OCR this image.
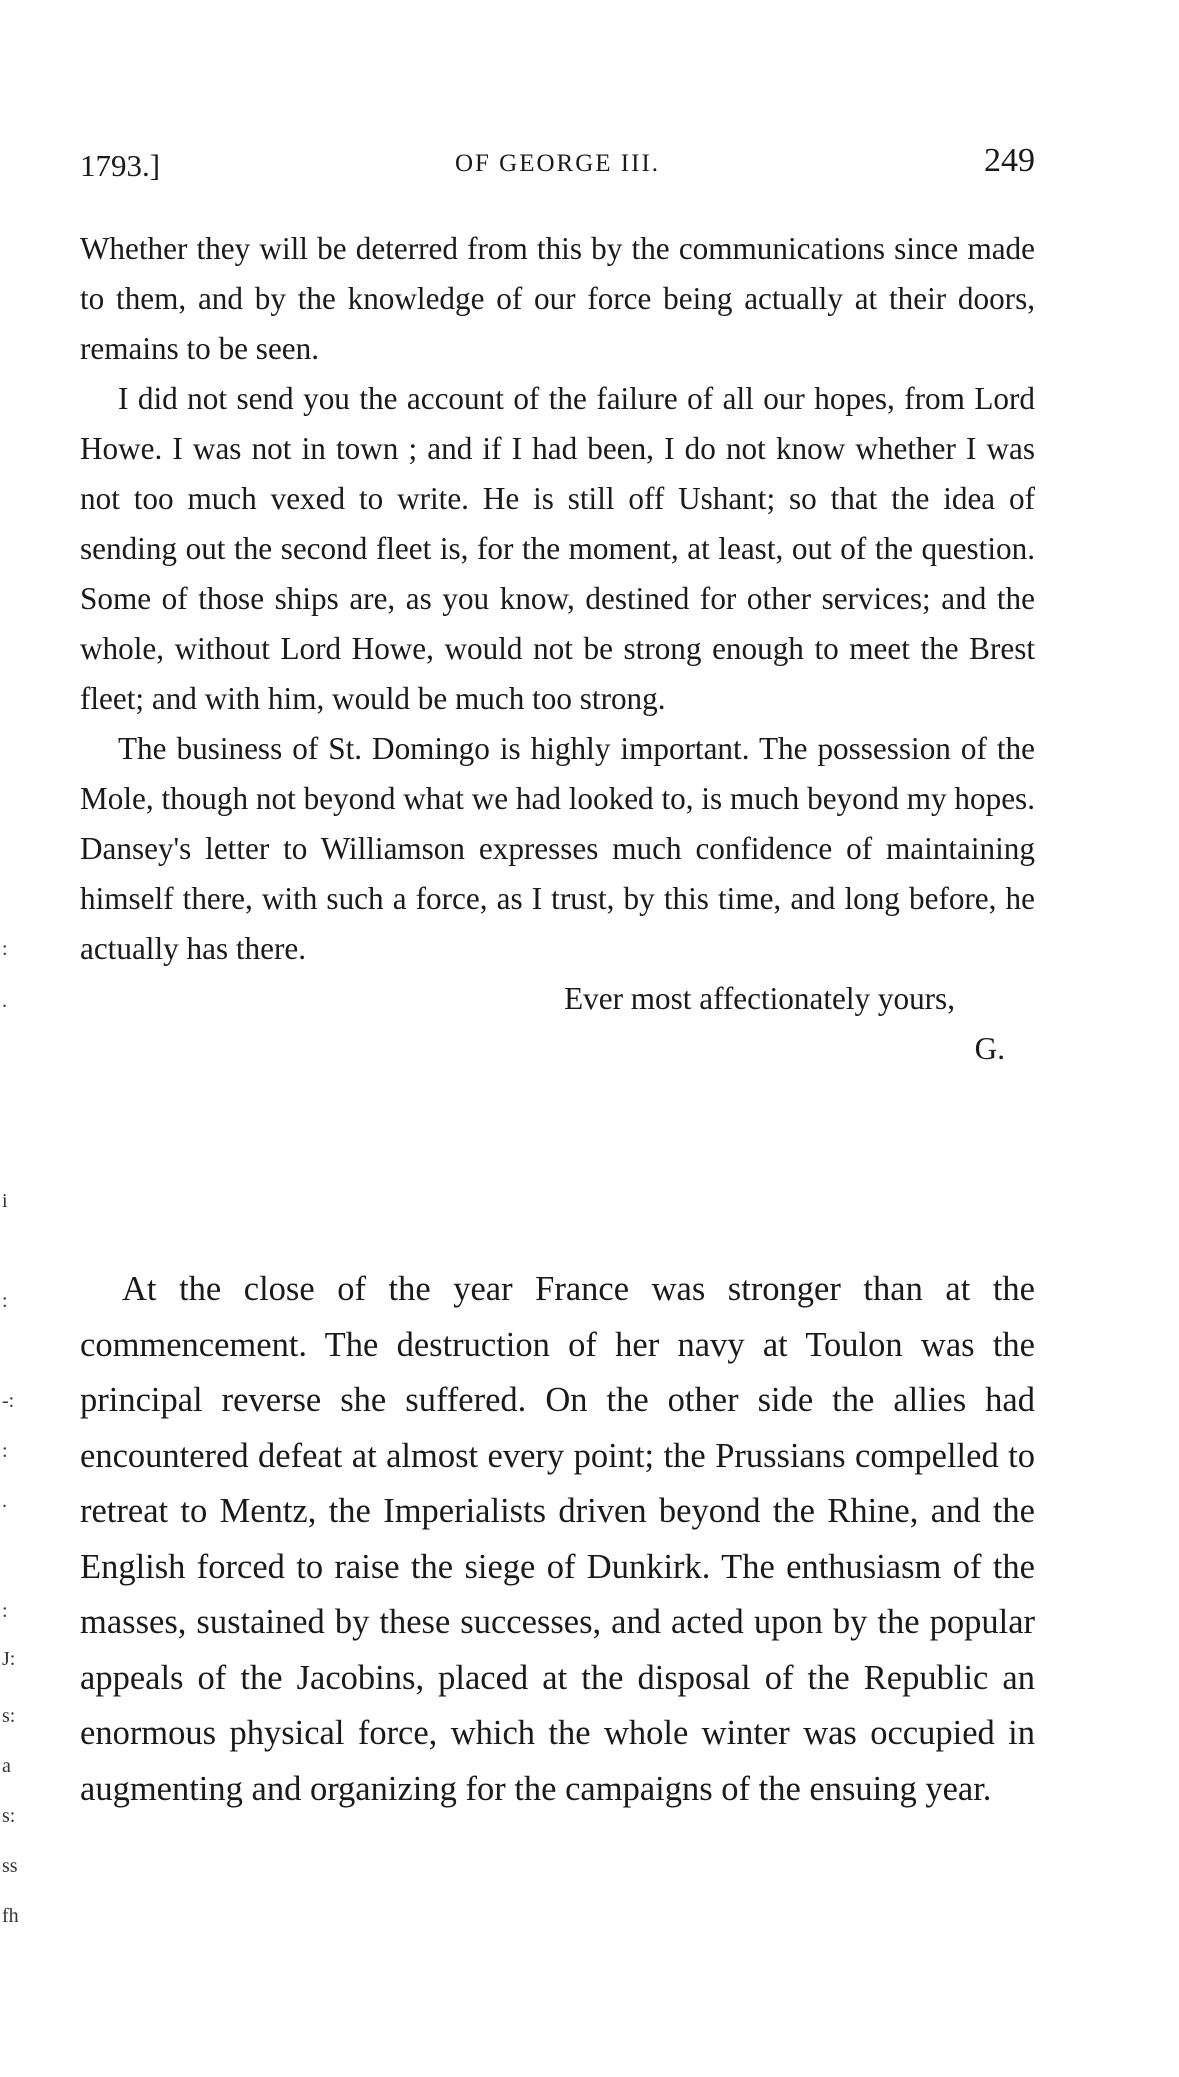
1793.]	OF GEORGE III.	249

Whether they will be deterred from this by the communications since made to them, and by the knowledge of our force being actually at their doors, remains to be seen.

I did not send you the account of the failure of all our hopes, from Lord Howe. I was not in town ; and if I had been, I do not know whether I was not too much vexed to write. He is still off Ushant; so that the idea of sending out the second fleet is, for the moment, at least, out of the question. Some of those ships are, as you know, destined for other services; and the whole, without Lord Howe, would not be strong enough to meet the Brest fleet; and with him, would be much too strong.

The business of St. Domingo is highly important. The possession of the Mole, though not beyond what we had looked to, is much beyond my hopes. Dansey's letter to Williamson expresses much confidence of maintaining himself there, with such a force, as I trust, by this time, and long before, he actually has there.

Ever most affectionately yours,

G.

At the close of the year France was stronger than at the commencement. The destruction of her navy at Toulon was the principal reverse she suffered. On the other side the allies had encountered defeat at almost every point; the Prussians compelled to retreat to Mentz, the Imperialists driven beyond the Rhine, and the English forced to raise the siege of Dunkirk. The enthusiasm of the masses, sustained by these successes, and acted upon by the popular appeals of the Jacobins, placed at the disposal of the Republic an enormous physical force, which the whole winter was occupied in augmenting and organizing for the campaigns of the ensuing year.

:
.
i
:
-:
:
.
:
J:
s:
a
s:
ss
fh
